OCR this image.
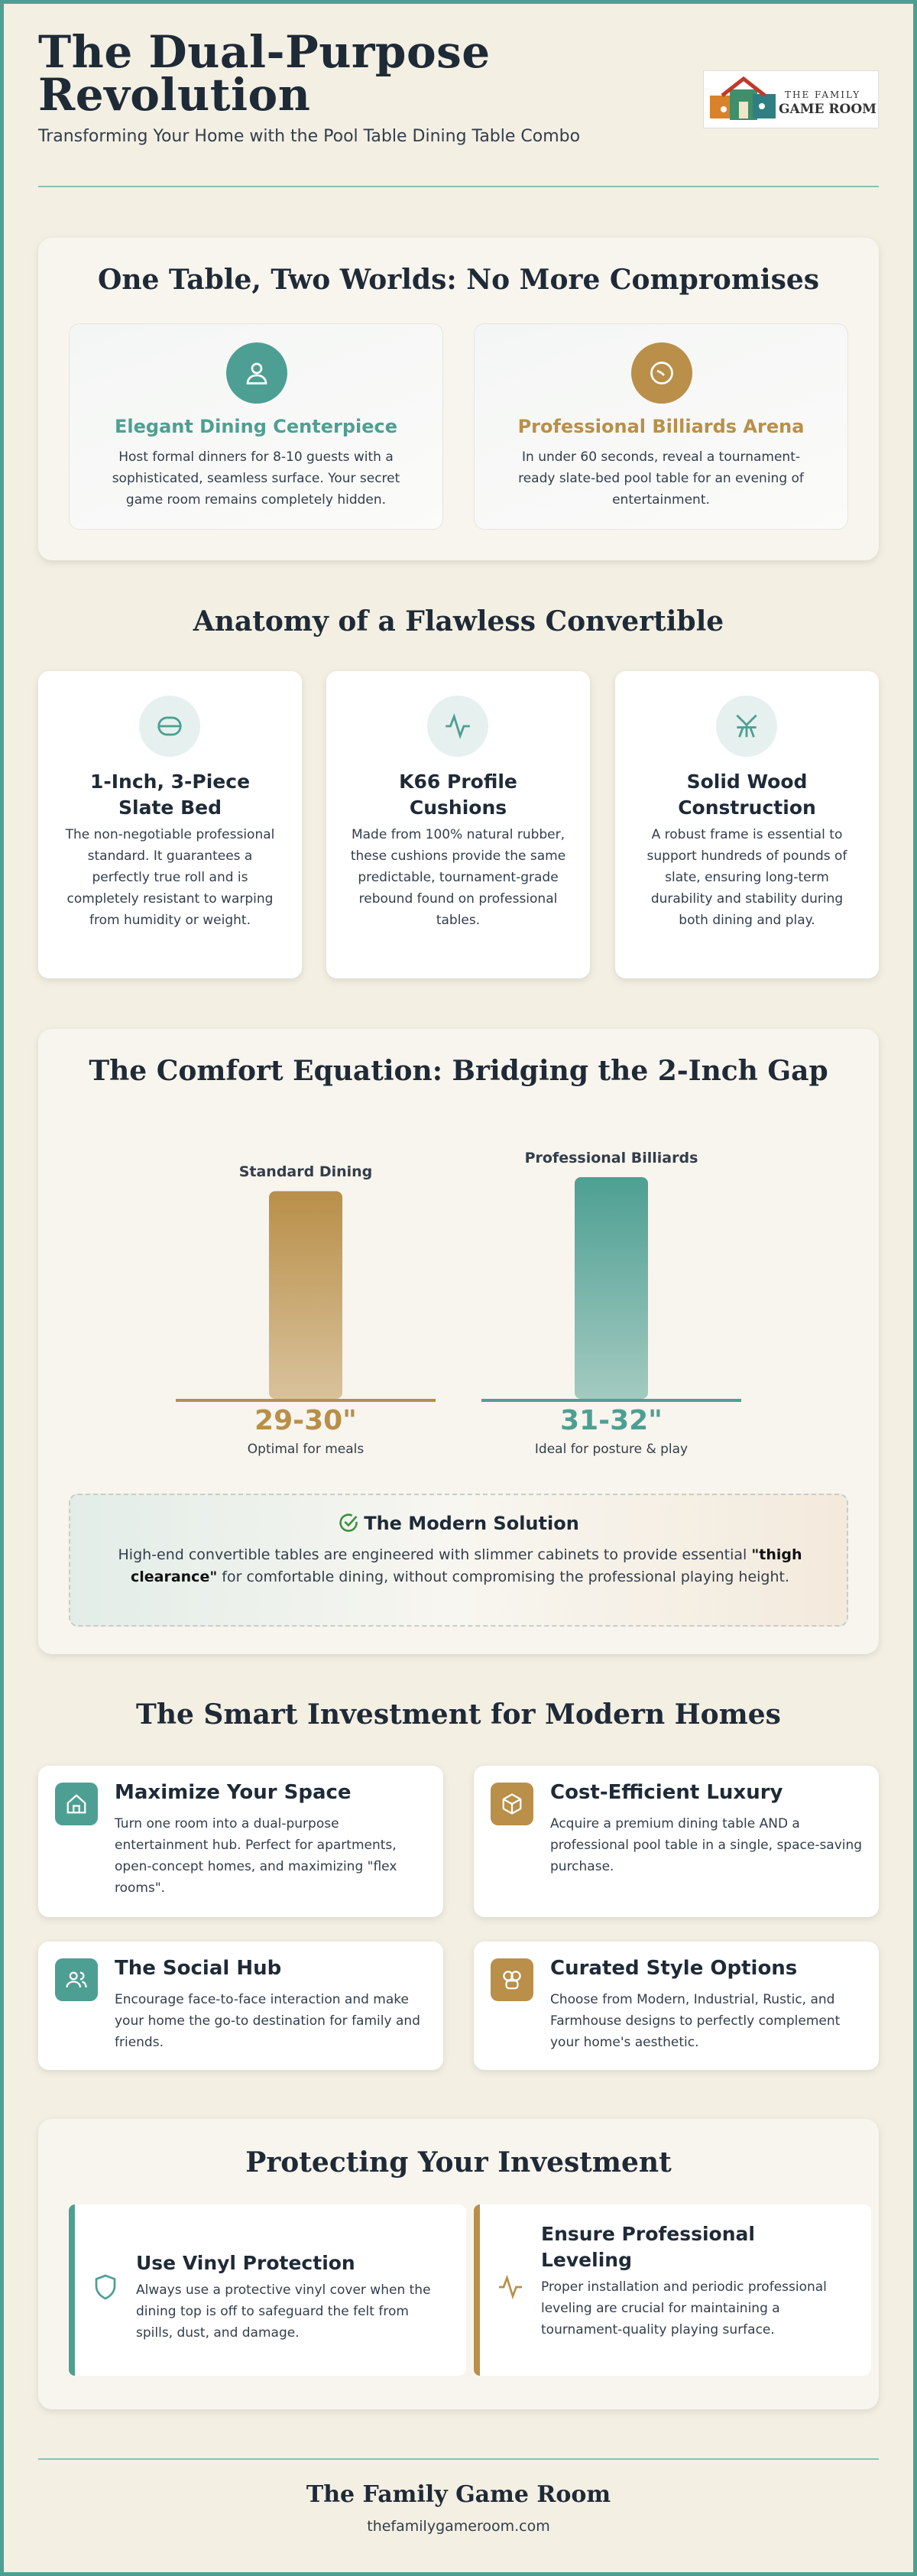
The Dual-Purpose Revolution
Transforming Your Home with the Pool Table Dining Table Combo
THE FAMILY
GAME ROOM
One Table, Two Worlds: No More Compromises
Elegant Dining Centerpiece
Host formal dinners for 8-10 guests with a sophisticated, seamless surface. Your secret game room remains completely hidden.
Professional Billiards Arena
In under 60 seconds, reveal a tournament-ready slate-bed pool table for an evening of entertainment.
Anatomy of a Flawless Convertible
1-Inch, 3-Piece Slate Bed
The non-negotiable professional standard. It guarantees a perfectly true roll and is completely resistant to warping from humidity or weight.
K66 Profile Cushions
Made from 100% natural rubber, these cushions provide the same predictable, tournament-grade rebound found on professional tables.
Solid Wood Construction
A robust frame is essential to support hundreds of pounds of slate, ensuring long-term durability and stability during both dining and play.
The Comfort Equation: Bridging the 2-Inch Gap
Standard Dining
Professional Billiards
29-30"	31-32"
Optimal for meals	Ideal for posture & play
The Modern Solution
High-end convertible tables are engineered with slimmer cabinets to provide essential "thigh clearance" for comfortable dining, without compromising the professional playing height.
The Smart Investment for Modern Homes
Maximize Your Space
Turn one room into a dual-purpose entertainment hub. Perfect for apartments, open-concept homes, and maximizing "flex rooms".
Cost-Efficient Luxury
Acquire a premium dining table AND a professional pool table in a single, space-saving purchase.
The Social Hub
Encourage face-to-face interaction and make your home the go-to destination for family and friends.
Curated Style Options
Choose from Modern, Industrial, Rustic, and Farmhouse designs to perfectly complement your home's aesthetic.
Protecting Your Investment
Use Vinyl Protection
Always use a protective vinyl cover when the dining top is off to safeguard the felt from spills, dust, and damage.
Ensure Professional Leveling
Proper installation and periodic professional leveling are crucial for maintaining a tournament-quality playing surface.
The Family Game Room
thefamilygameroom.com
